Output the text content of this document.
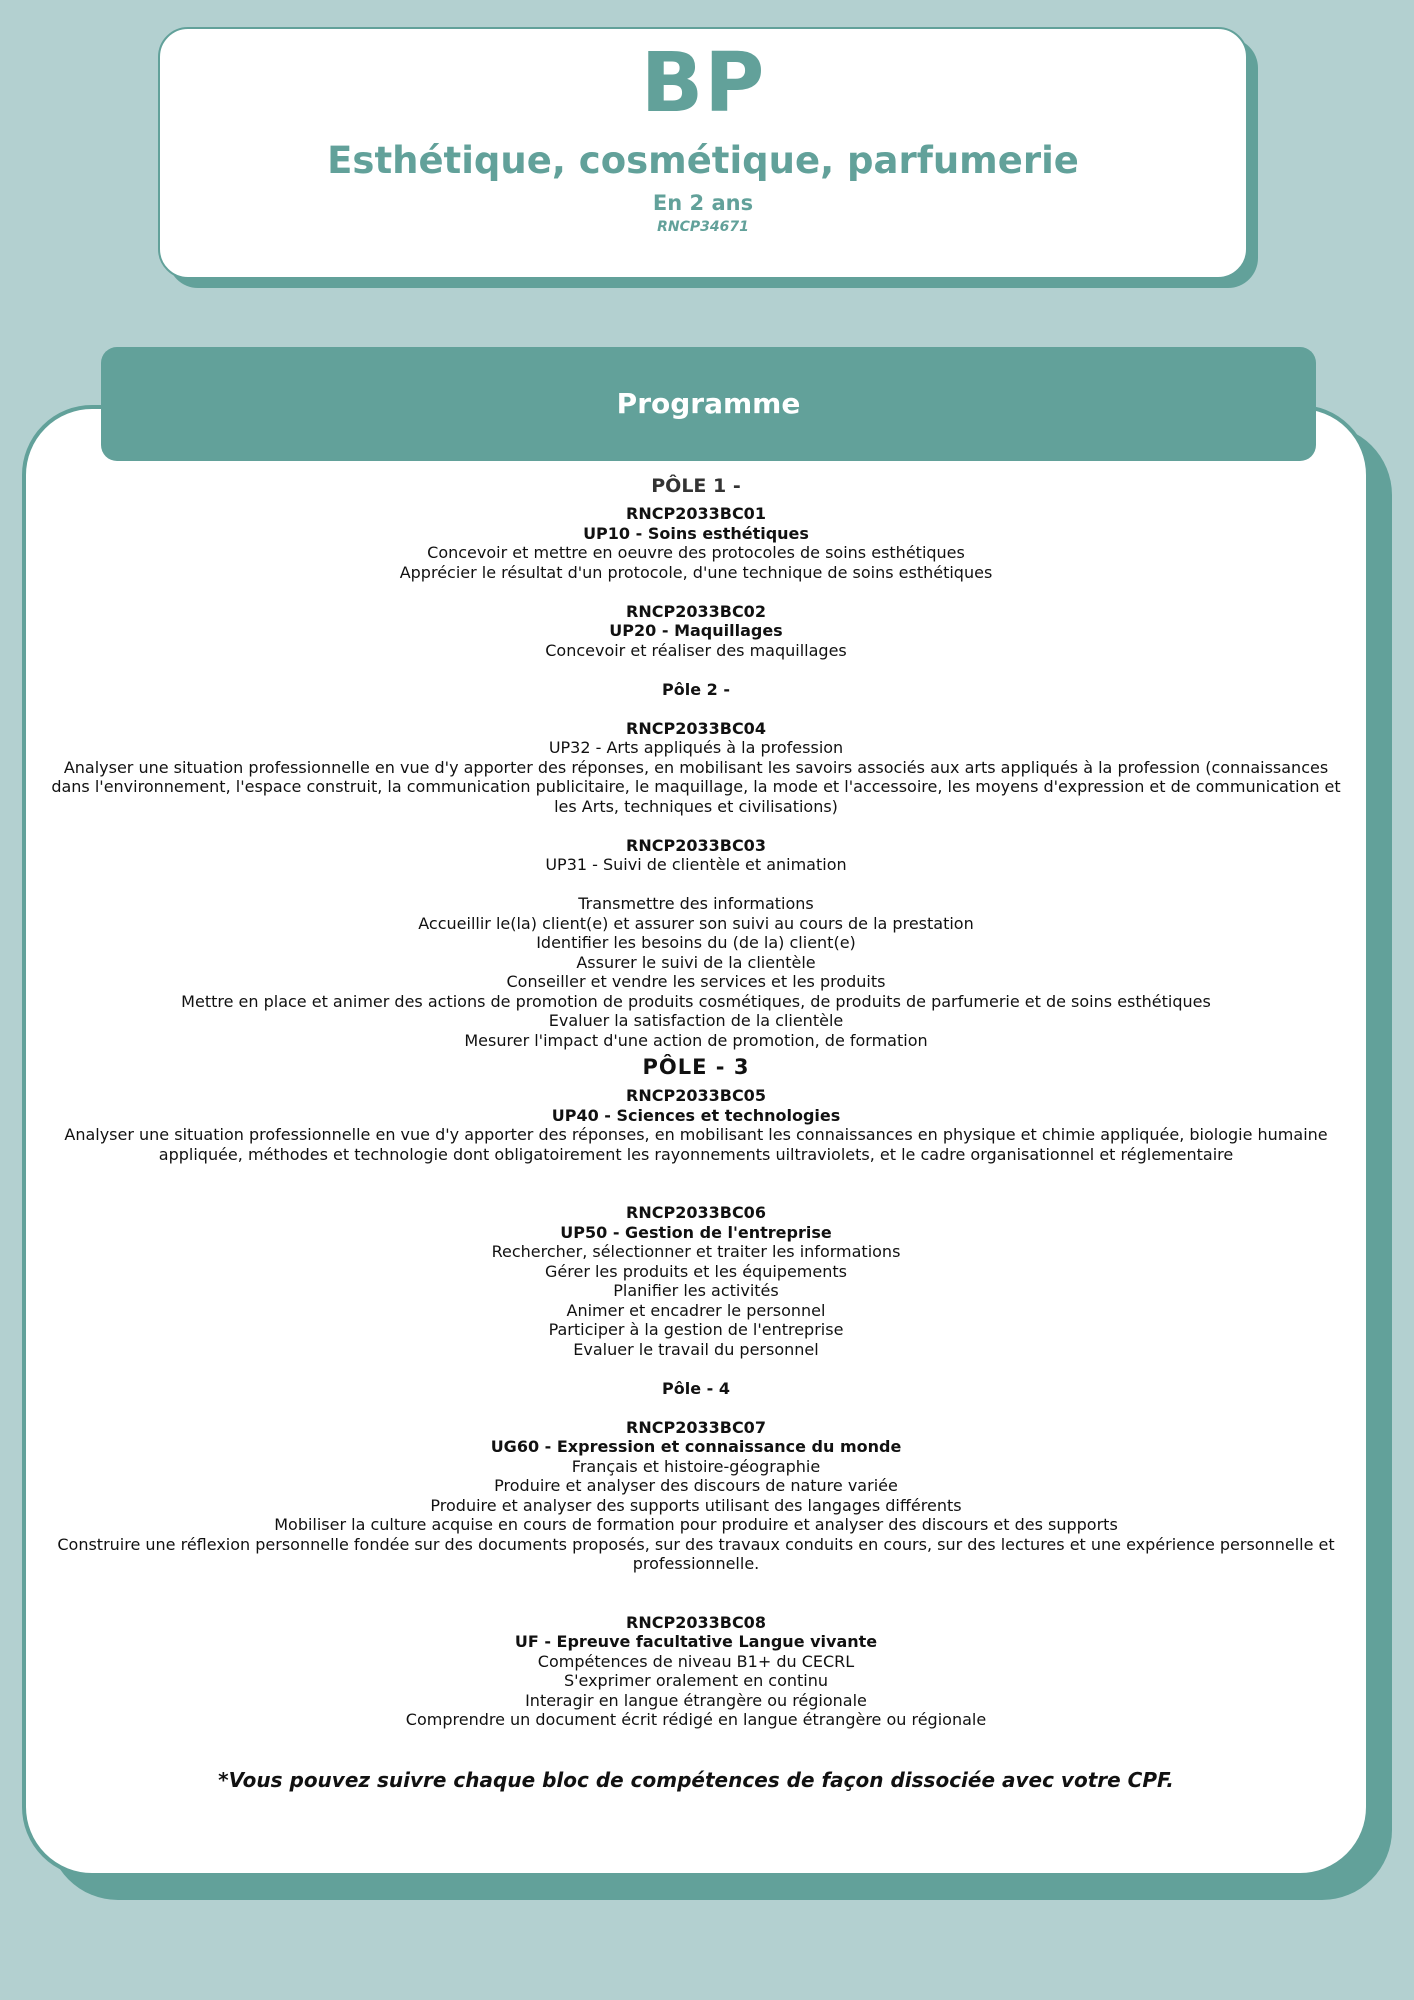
BP
Esthétique, cosmétique, parfumerie
En 2 ans
RNCP34671
Programme
PÔLE 1 -
RNCP2033BC01
UP10 - Soins esthétiques
Concevoir et mettre en oeuvre des protocoles de soins esthétiques
Apprécier le résultat d'un protocole, d'une technique de soins esthétiques
RNCP2033BC02
UP20 - Maquillages
Concevoir et réaliser des maquillages
Pôle 2 -
RNCP2033BC04
UP32 - Arts appliqués à la profession
Analyser une situation professionnelle en vue d'y apporter des réponses, en mobilisant les savoirs associés aux arts appliqués à la profession (connaissances dans l'environnement, l'espace construit, la communication publicitaire, le maquillage, la mode et l'accessoire, les moyens d'expression et de communication et les Arts, techniques et civilisations)
RNCP2033BC03
UP31 - Suivi de clientèle et animation
Transmettre des informations
Accueillir le(la) client(e) et assurer son suivi au cours de la prestation
Identifier les besoins du (de la) client(e)
Assurer le suivi de la clientèle
Conseiller et vendre les services et les produits
Mettre en place et animer des actions de promotion de produits cosmétiques, de produits de parfumerie et de soins esthétiques
Evaluer la satisfaction de la clientèle
Mesurer l'impact d'une action de promotion, de formation
PÔLE - 3
RNCP2033BC05
UP40 - Sciences et technologies
Analyser une situation professionnelle en vue d'y apporter des réponses, en mobilisant les connaissances en physique et chimie appliquée, biologie humaine appliquée, méthodes et technologie dont obligatoirement les rayonnements uiltraviolets, et le cadre organisationnel et réglementaire
RNCP2033BC06
UP50 - Gestion de l'entreprise
Rechercher, sélectionner et traiter les informations
Gérer les produits et les équipements
Planifier les activités
Animer et encadrer le personnel
Participer à la gestion de l'entreprise
Evaluer le travail du personnel
Pôle - 4
RNCP2033BC07
UG60 - Expression et connaissance du monde
Français et histoire-géographie
Produire et analyser des discours de nature variée
Produire et analyser des supports utilisant des langages différents
Mobiliser la culture acquise en cours de formation pour produire et analyser des discours et des supports
Construire une réflexion personnelle fondée sur des documents proposés, sur des travaux conduits en cours, sur des lectures et une expérience personnelle et professionnelle.
RNCP2033BC08
UF - Epreuve facultative Langue vivante
Compétences de niveau B1+ du CECRL
S'exprimer oralement en continu
Interagir en langue étrangère ou régionale
Comprendre un document écrit rédigé en langue étrangère ou régionale
*Vous pouvez suivre chaque bloc de compétences de façon dissociée avec votre CPF.
